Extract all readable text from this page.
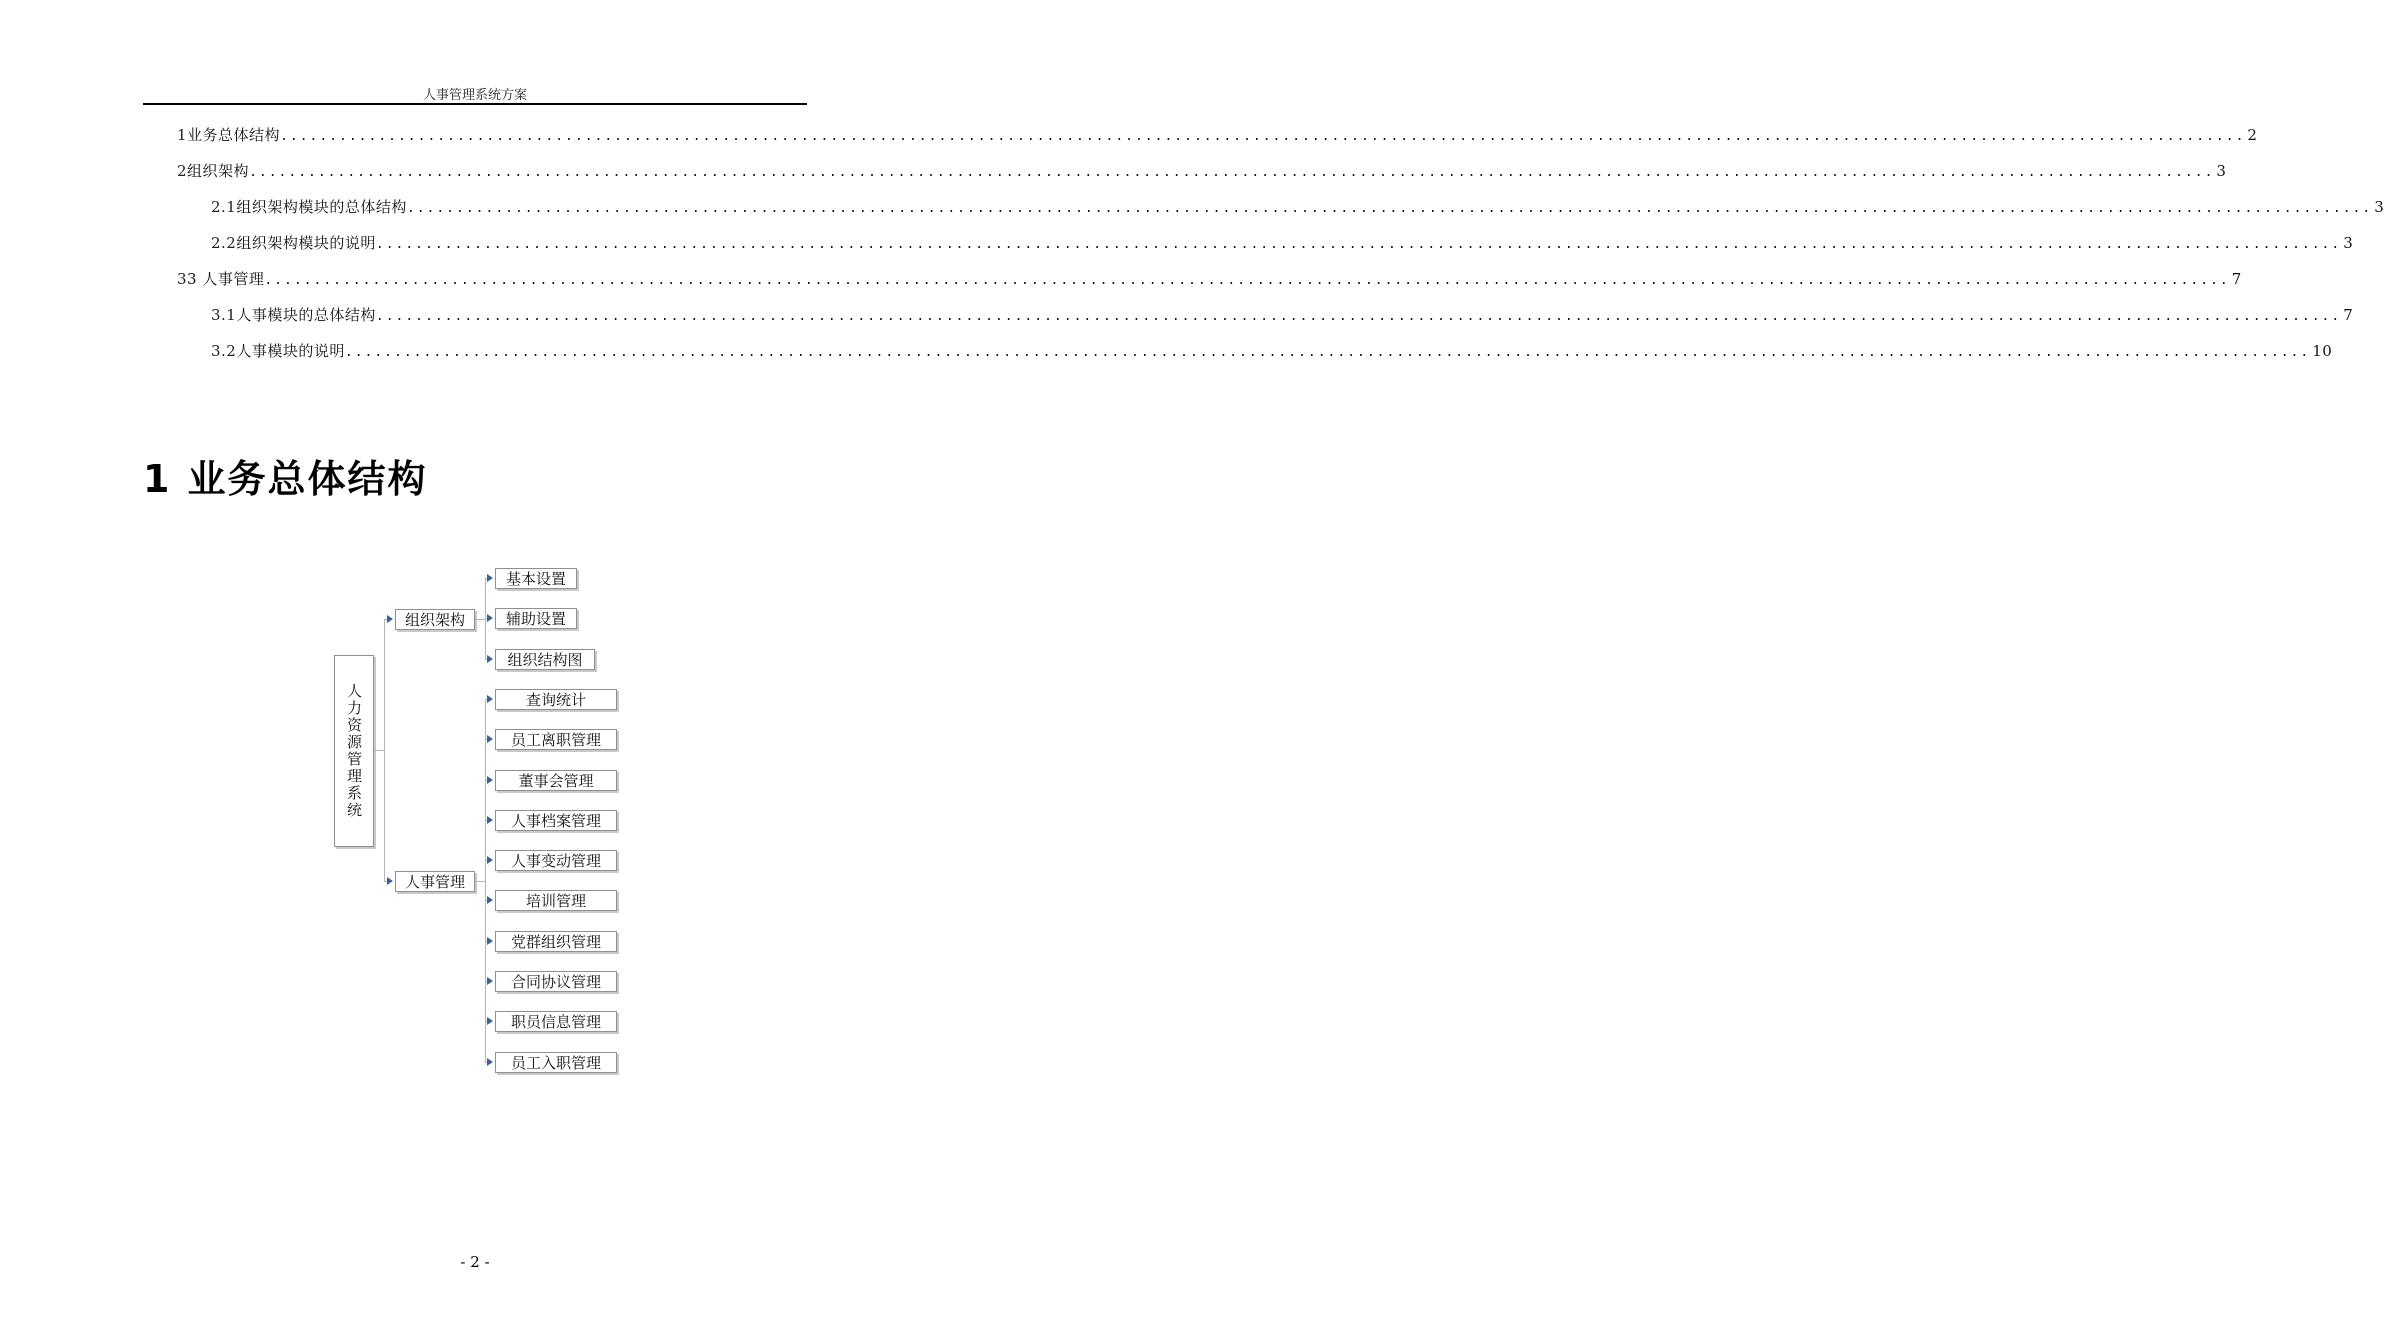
人事管理系统方案
1 业务总体结构 ........................................................................................................................................................................................................ 2
2 组织架构 ........................................................................................................................................................................................................ 3
2.1 组织架构模块的总体结构 ........................................................................................................................................................................................................ 3
2.2 组织架构模块的说明 ........................................................................................................................................................................................................ 3
3 3 人事管理 ........................................................................................................................................................................................................ 7
3.1 人事模块的总体结构 ........................................................................................................................................................................................................ 7
3.2 人事模块的说明 ........................................................................................................................................................................................................ 10
1 业务总体结构
人力资源管理系统
组织架构
基本设置
辅助设置
组织结构图
人事管理
查询统计
员工离职管理
董事会管理
人事档案管理
人事变动管理
培训管理
党群组织管理
合同协议管理
职员信息管理
员工入职管理
- 2 -
